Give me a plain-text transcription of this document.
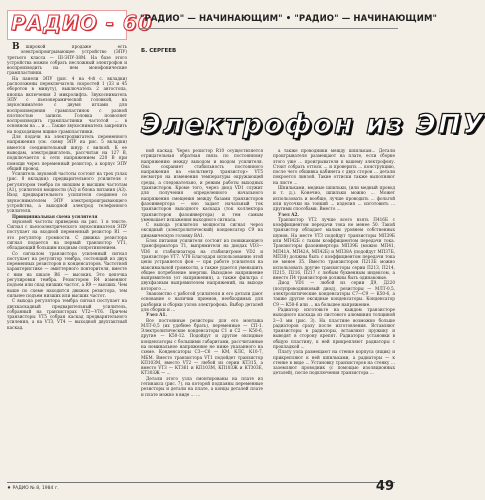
РАДИО - 60
"РАДИО" — НАЧИНАЮЩИМ" • "РАДИО" — НАЧИНАЮЩИМ"

Вширокой продаже есть электропроигрывающее устройство (ЭПУ) третьего класса — III-ЭПУ-38М. На базе этого устройства можно собрать несложный электрофон и воспроизводить на нем монофонические грампластинки.

На панели ЭПУ (рис. 4 на 4-й с. вкладки) расположены переключатель скоростей 1 (33 и 45 оборотов в минуту), выключатель 2 автостопа, кнопка включения 3 микролифта. Звукосниматель ЭПУ с пьезокерамической головкой, на звукоснимателе с двумя иглами для воспроизведения грампластинок с разной плотностью записи. Головка позволяет воспроизводить грампластинки частотой ... в основном на ... и ... Также звукосниматель закрепить на подходящем ящике грампластинки.

Для подачи на электродвигатель переменного напряжения (см. схему ЭПУ на рис. 5 вкладки) имеется соединительный шнур с вилкой. К ее выводам, электродвигатель, рассчитан на 127 В, подключается к сети напряжением 220 В при помощи через переменный резистор, а корпус ЭПУ общий провод.

Усилитель звуковой частоты состоит на трех узлах (рис. 8 вкладки): предварительного усилителя с регулятором тембра по низшим и высшим частотам (А1), усилителя мощности (А2) и блока питания (А3). Вход предварительного усилителя соединен со звукоснимателем ЭПУ электропроигрывающего устройства, а выходной электрод телефонного усилителя.

Принципиальная схема усилителя

звуковой частоты приведена на рис. 1 в тексте. Сигнал с пьезоэлектрического звукоснимателя ЭПУ поступает на входной переменный резистор R1 — это регулятор громкости. С движка резистора сигнал подается на первый транзистор VT1, обладающий большим входным сопротивлением.

Со сигналом транзистора усиленный сигнал поступает на регулятор тембра, состоящий из двух переменных резисторов и конденсаторов. Частотной характеристике — эмиттерного повторителя, вместе с ним на шкале R6 — высоких. Это цепочка регулировки тембра. Резистором R4 изменяют подъем или спад низших частот, а R9 — высших. Чем выше по схеме находится движок резистора, тем сильнее подъем низших или высших частот.

С выхода регулятора тембра сигнал поступает на двухкаскадный предварительный усилитель, собранный на транзисторах VT2—VT6. Причем транзисторы VT5 собран каскад предварительного усиления, а на VT3, VT4 — выходной двухтактный каскад.

Б. СЕРГЕЕВ
Электрофон из ЭПУ

ной каскад. Через резистор R10 осуществляется отрицательная обратная связь по постоянному напряжению между выходом и входом усилителя. Она сохраняет стабильность постоянного напряжения на «вольтметр транзистор» VT5 несмотря на изменения температуры окружающей среды, а следовательно, и режим работы выходных транзисторов. Кроме того, через диод VD1 служит для получения определенного начального напряжения смещения между базами транзисторов фазоинвертора — оно задает начальный ток транзисторов выходного каскада (ток коллектора транзисторов фазоинвертора) и тем самым уменьшает искажения выходного сигнала.

С выхода усилителя мощности сигнал через оксидный (электролитический) конденсатор С9 на динамическую головку BA1.

Блок питания усилителя состоит из понижающего трансформатора T1, выпрямителя на диодах VD3—VD6 и стабилизатора на стабилитроне VD2 и транзисторе VT7. VT8 Благодаря использованию этой цепи устраняется фон — при работе усилителя на максимальной громкости, а также удается уменьшить общее потребление энергии. Выходное напряжение выпрямителя (от напряжения), а также фильтра с двухфазным выпрямителем напряжений, на выходе которого ...

Знакомство с работой усилителя и его детали дают основание о наличии приемов, необходимых для разборки и сборки узлов электрофона. Выбор деталей для сборки и ...

Узел А1.

Все постоянные резисторы для его монтажа МЛТ-0,5 (их удобнее брать), переменные — СП-1. Электролитические конденсаторы C1 и C2 — К50-6, другие — К50-12. Подойдут и другие оксидные конденсаторы с большими габаритами, рассчитанные на номинальное напряжение не ниже указанного на схеме. Конденсаторы C3—C6 — КМ, КЛС, К10-7, МБМ. Вместо транзистора VT1 подойдет транзистор КП103М, вместо VT2 — любой из серии КТ315, а вместо VT3 — КТ361 и КП103М, КП103Ж и КТ303Е, КТ303Ж — ...

Детали этого узла смонтированы на плате из гетинакса (рис. 7), на которой подпаяны переменные резисторы и детали на плате, а концы деталей плате и плате можно в виде ... ...

а также проводники между шпилькам... Детали проигрывателя размещают на плате, если сборке этого уже ... проигрывателя к вашему электрофону. Стоит собрать оттиск ... и проверить ... конструкцию, после чего обшивка кабинета с двух сторон ... детали покроется линзой. Такие оттиски также выполняют на листе ...

Шпильками, медные шпильки, (или медный провод и т. д.). Конечно, шпильки можно ... Может использовать и вообще, лучше проводить ... фольгой или кусочки на тонкий ... изделия ... изготовить ... другими способами. Вместо ...

Узел А2.

Транзистор VT2 лучше всего взять П416Б с коэффициентом передачи тока не менее 50. Такой транзистор обладает малым уровнем собственных шумов. На месте VT3 подойдут транзисторы МП39Б или МП42Б с таким коэффициентом передачи тока. Транзисторы фазоинвертора МП39Б (можно МП41, МП41А, МП42А, МП42Б) и МП38А (подойдут МП37Б, МП38) должны быть с коэффициентом передачи тока не менее 35. Вместо транзисторов П213Б можно использовать другие транзисторы серии П213, П214, П215, П216, П217 с любым буквенным индексом, а вместо П4 транзисторов должны быть одинаковые.

Диод VD1 — любой из серии Д9, Д220 (полупроводниковый диод), резисторы — МЛТ-0,5, электролитические конденсаторы C7—C9 — К50-6, а также другие оксидные конденсаторы. Конденсатор C9 — К50-6 или ... на большее напряжение.

Радиатор изготовьте на каждом транзисторе выходного каскада из листового алюминия толщиной 2—3 мм (рис. 3). На пластине возможно больше радиаторов сразу после изготовления. Вставляют транзисторы в радиаторы, вставляют пружину и выводят в сторону крепят. Радиаторы установки в общую пластину, к ней прикрепляют радиаторы с прокладкой ...

Плату узла размещают на стенке корпуса (ящик) и прикрепляют к ней шпильками, а радиаторы — к стенке в виде ... Установку транзисторов на стенку ... заземляют проводник (с помощью изоляционных деталей), после подключения транзистора ...

♦ РАДИО № 8, 1984 г.	49
